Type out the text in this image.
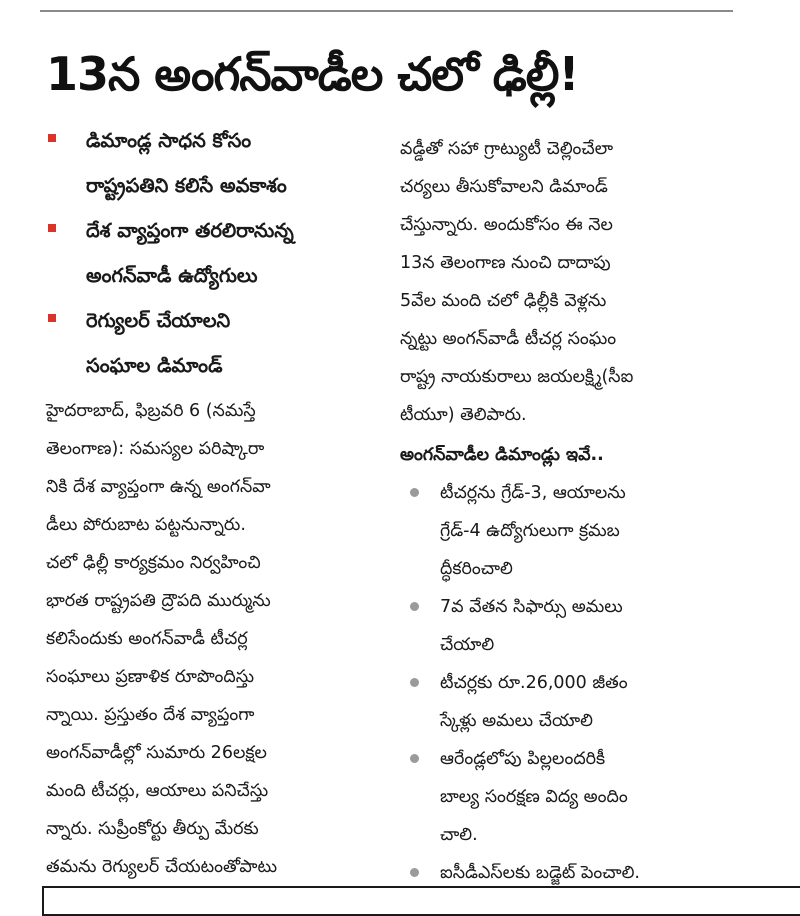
13న అంగన్‌వాడీల చలో ఢిల్లీ!
డిమాండ్ల సాధన కోసం
రాష్ట్రపతిని కలిసే అవకాశం
దేశ వ్యాప్తంగా తరలిరానున్న
అంగన్‌వాడీ ఉద్యోగులు
రెగ్యులర్ చేయాలని
సంఘాల డిమాండ్
హైదరాబాద్, ఫిబ్రవరి 6 (నమస్తే
తెలంగాణ): సమస్యల పరిష్కారా
నికి దేశ వ్యాప్తంగా ఉన్న అంగన్‌వా
డీలు పోరుబాట పట్టనున్నారు.
చలో ఢిల్లీ కార్యక్రమం నిర్వహించి
భారత రాష్ట్రపతి ద్రౌపది ముర్మును
కలిసేందుకు అంగన్‌వాడీ టీచర్ల
సంఘాలు ప్రణాళిక రూపొందిస్తు
న్నాయి. ప్రస్తుతం దేశ వ్యాప్తంగా
అంగన్‌వాడీల్లో సుమారు 26లక్షల
మంది టీచర్లు, ఆయాలు పనిచేస్తు
న్నారు. సుప్రీంకోర్టు తీర్పు మేరకు
తమను రెగ్యులర్ చేయటంతోపాటు
వడ్డీతో సహా గ్రాట్యుటీ చెల్లించేలా
చర్యలు తీసుకోవాలని డిమాండ్
చేస్తున్నారు. అందుకోసం ఈ నెల
13న తెలంగాణ నుంచి దాదాపు
5వేల మంది చలో ఢిల్లీకి వెళ్లను
న్నట్టు అంగన్‌వాడీ టీచర్ల సంఘం
రాష్ట్ర నాయకురాలు జయలక్ష్మి(సీఐ
టీయూ) తెలిపారు.
అంగన్‌వాడీల డిమాండ్లు ఇవే..
టీచర్లను గ్రేడ్-3, ఆయాలను
గ్రేడ్-4 ఉద్యోగులుగా క్రమబ
ద్ధీకరించాలి
7వ వేతన సిఫార్సు అమలు
చేయాలి
టీచర్లకు రూ.26,000 జీతం
స్కేళ్లు అమలు చేయాలి
ఆరేండ్లలోపు పిల్లలందరికీ
బాల్య సంరక్షణ విద్య అందిం
చాలి.
ఐసీడీఎస్‌లకు బడ్జెట్ పెంచాలి.
